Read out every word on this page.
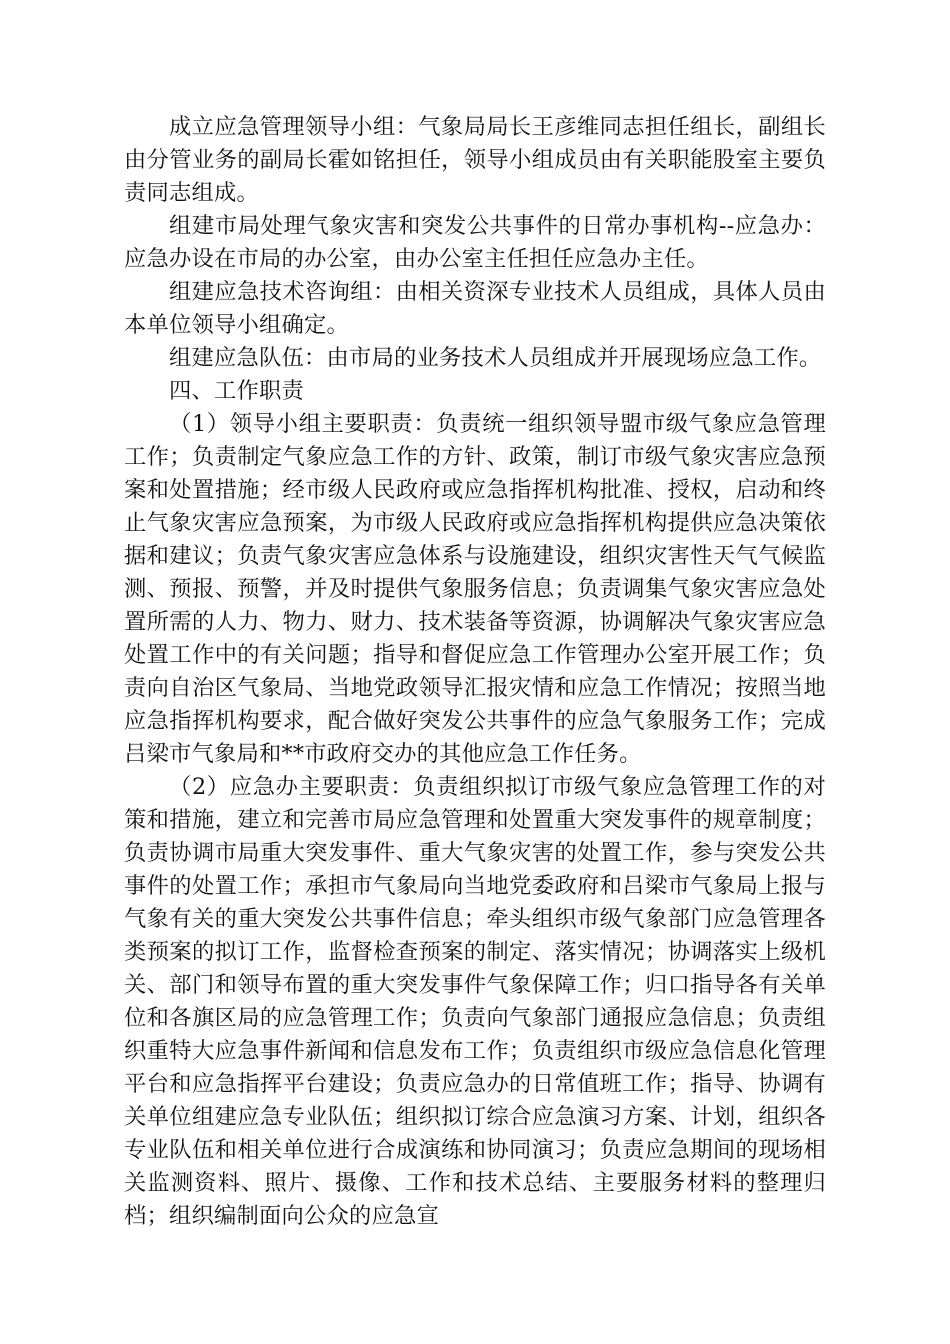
成立应急管理领导小组：气象局局长王彦维同志担任组长，副组长由分管业务的副局长霍如铭担任，领导小组成员由有关职能股室主要负责同志组成。

组建市局处理气象灾害和突发公共事件的日常办事机构--应急办：应急办设在市局的办公室，由办公室主任担任应急办主任。

组建应急技术咨询组：由相关资深专业技术人员组成，具体人员由本单位领导小组确定。

组建应急队伍：由市局的业务技术人员组成并开展现场应急工作。

四、工作职责

（1）领导小组主要职责：负责统一组织领导盟市级气象应急管理工作；负责制定气象应急工作的方针、政策，制订市级气象灾害应急预案和处置措施；经市级人民政府或应急指挥机构批准、授权，启动和终止气象灾害应急预案，为市级人民政府或应急指挥机构提供应急决策依据和建议；负责气象灾害应急体系与设施建设，组织灾害性天气气候监测、预报、预警，并及时提供气象服务信息；负责调集气象灾害应急处置所需的人力、物力、财力、技术装备等资源，协调解决气象灾害应急处置工作中的有关问题；指导和督促应急工作管理办公室开展工作；负责向自治区气象局、当地党政领导汇报灾情和应急工作情况；按照当地应急指挥机构要求，配合做好突发公共事件的应急气象服务工作；完成吕梁市气象局和**市政府交办的其他应急工作任务。

（2）应急办主要职责：负责组织拟订市级气象应急管理工作的对策和措施，建立和完善市局应急管理和处置重大突发事件的规章制度；负责协调市局重大突发事件、重大气象灾害的处置工作，参与突发公共事件的处置工作；承担市气象局向当地党委政府和吕梁市气象局上报与气象有关的重大突发公共事件信息；牵头组织市级气象部门应急管理各类预案的拟订工作，监督检查预案的制定、落实情况；协调落实上级机关、部门和领导布置的重大突发事件气象保障工作；归口指导各有关单位和各旗区局的应急管理工作；负责向气象部门通报应急信息；负责组织重特大应急事件新闻和信息发布工作；负责组织市级应急信息化管理平台和应急指挥平台建设；负责应急办的日常值班工作；指导、协调有关单位组建应急专业队伍；组织拟订综合应急演习方案、计划，组织各专业队伍和相关单位进行合成演练和协同演习；负责应急期间的现场相关监测资料、照片、摄像、工作和技术总结、主要服务材料的整理归档；组织编制面向公众的应急宣
